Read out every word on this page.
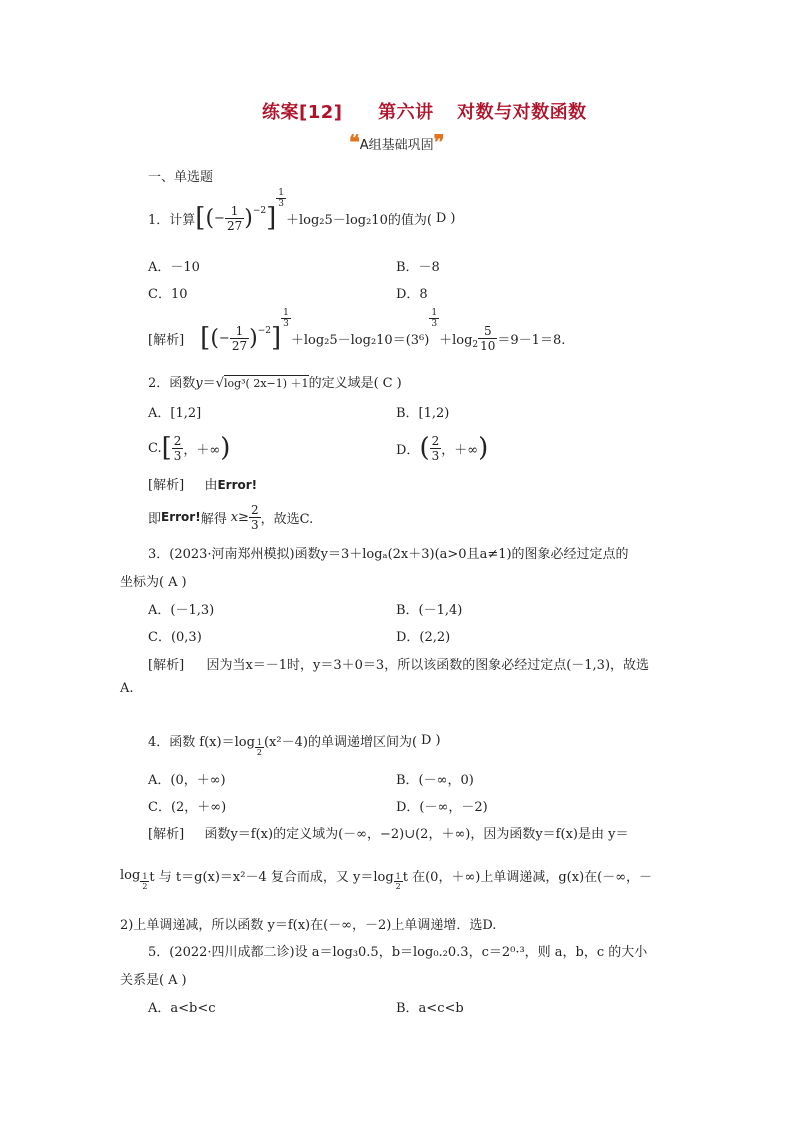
练案[12] 第六讲 对数与对数函数
❝A组基础巩固❞
一、单选题
1． 计算 [ ( − $\frac{1}{27} )^{-2}$ ]
$\frac{1}{3}$
＋log₂5－log₂10的值为( D )
A．－10	B．－8
C．10	D．8
[解析] [ ( − $\frac{1}{27} )^{-2}$ ]
$\frac{1}{3}$
＋log₂5－log₂10＝(3⁶)
$\frac{1}{3}$
$+\log_2 \frac{5}{10} =9-1=8$.
2．函数y＝√log³( 2x−1) ＋1的定义域是( C )
A．[1,2]	B．[1,2)
C. [ $\frac{2}{3}$ ，＋∞ )	D． ( $\frac{2}{3}$ ，＋∞ )
[解析] 由Error!
即 Error! 解得 $x \ge \frac{2}{3}$ ，故选C.
3．(2023·河南郑州模拟)函数y＝3＋logₐ(2x＋3)(a>0且a≠1)的图象必经过定点的
坐标为( A )
A．(－1,3)	B．(－1,4)
C．(0,3)	D．(2,2)
[解析] 因为当x＝－1时，y＝3＋0＝3，所以该函数的图象必经过定点(－1,3)，故选
A.
4． 函数 $f(x)=\log \frac{1}{2} (x^2-4)$的单调递增区间为( D )
A．(0，＋∞)	B．(－∞，0)
C．(2，＋∞)	D．(－∞，－2)
[解析] 函数y＝f(x)的定义域为(－∞，−2)∪(2，＋∞)，因为函数y＝f(x)是由 y＝
$\log \frac{1}{2}$ t 与 t＝g(x)＝x²－4 复合而成，又 $y=\log \frac{1}{2}$ t 在(0，＋∞)上单调递减，g(x)在(－∞，－
2)上单调递减，所以函数 y＝f(x)在(－∞，－2)上单调递增．选D.
5．(2022·四川成都二诊)设 a＝log₃0.5，b＝log₀.₂0.3，c＝2⁰·³，则 a，b，c 的大小
关系是( A )
A．a<b<c	B．a<c<b
